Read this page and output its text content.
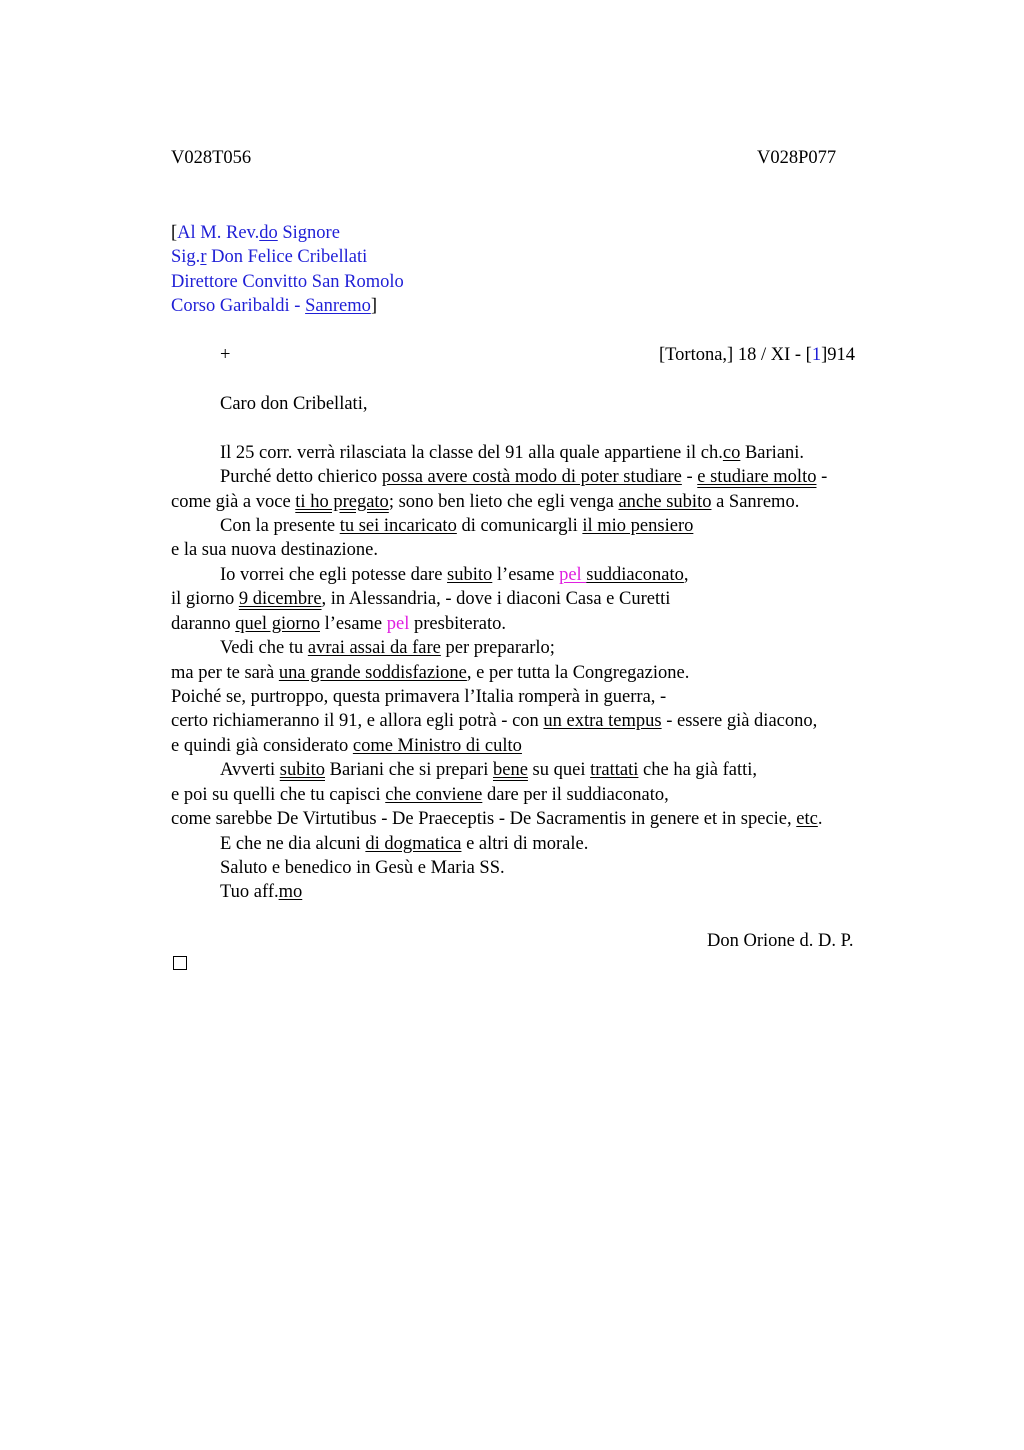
V028T056	V028P077
[Al M. Rev.do Signore
Sig.r Don Felice Cribellati
Direttore Convitto San Romolo
Corso Garibaldi - Sanremo]
+	[Tortona,] 18 / XI - [1]914
Caro don Cribellati,
Il 25 corr. verrà rilasciata la classe del 91 alla quale appartiene il ch.co Bariani.
Purché detto chierico possa avere costà modo di poter studiare - e studiare molto -
come già a voce ti ho pregato; sono ben lieto che egli venga anche subito a Sanremo.
Con la presente tu sei incaricato di comunicargli il mio pensiero
e la sua nuova destinazione.
Io vorrei che egli potesse dare subito l’esame pel suddiaconato,
il giorno 9 dicembre, in Alessandria, - dove i diaconi Casa e Curetti
daranno quel giorno l’esame pel presbiterato.
Vedi che tu avrai assai da fare per prepararlo;
ma per te sarà una grande soddisfazione, e per tutta la Congregazione.
Poiché se, purtroppo, questa primavera l’Italia romperà in guerra, -
certo richiameranno il 91, e allora egli potrà - con un extra tempus - essere già diacono,
e quindi già considerato come Ministro di culto
Avverti subito Bariani che si prepari bene su quei trattati che ha già fatti,
e poi su quelli che tu capisci che conviene dare per il suddiaconato,
come sarebbe De Virtutibus - De Praeceptis - De Sacramentis in genere et in specie, etc.
E che ne dia alcuni di dogmatica e altri di morale.
Saluto e benedico in Gesù e Maria SS.
Tuo aff.mo
Don Orione d. D. P.
